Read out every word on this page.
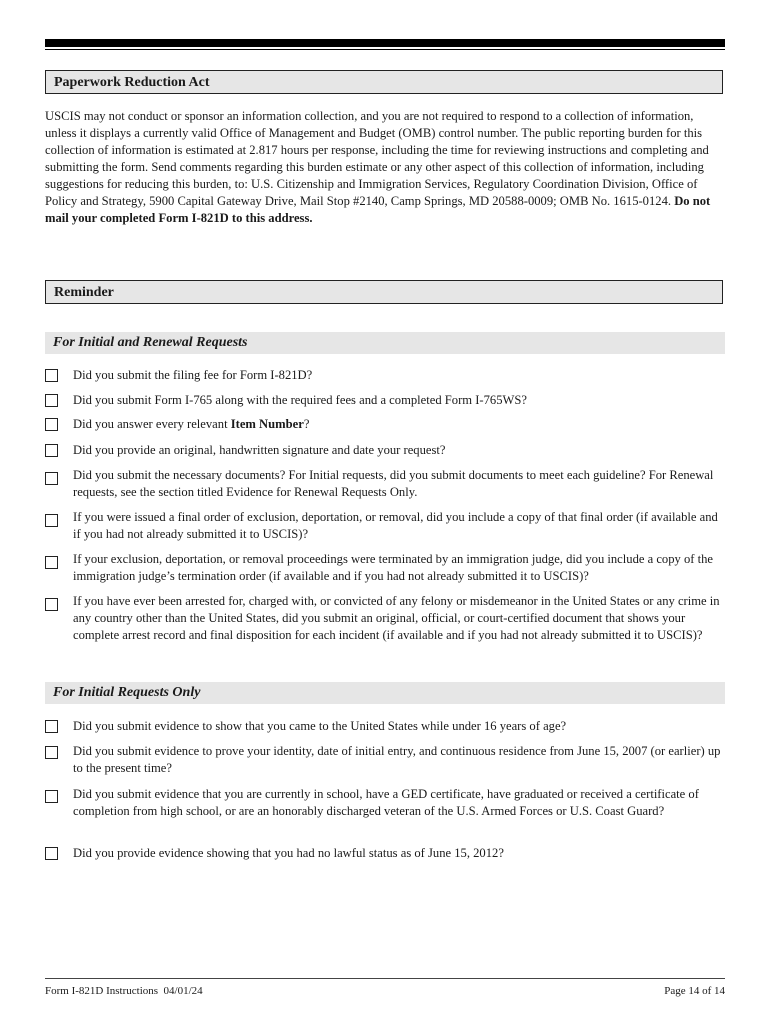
Paperwork Reduction Act
USCIS may not conduct or sponsor an information collection, and you are not required to respond to a collection of information, unless it displays a currently valid Office of Management and Budget (OMB) control number. The public reporting burden for this collection of information is estimated at 2.817 hours per response, including the time for reviewing instructions and completing and submitting the form. Send comments regarding this burden estimate or any other aspect of this collection of information, including suggestions for reducing this burden, to: U.S. Citizenship and Immigration Services, Regulatory Coordination Division, Office of Policy and Strategy, 5900 Capital Gateway Drive, Mail Stop #2140, Camp Springs, MD 20588-0009; OMB No. 1615-0124. Do not mail your completed Form I-821D to this address.
Reminder
For Initial and Renewal Requests
Did you submit the filing fee for Form I-821D?
Did you submit Form I-765 along with the required fees and a completed Form I-765WS?
Did you answer every relevant Item Number?
Did you provide an original, handwritten signature and date your request?
Did you submit the necessary documents? For Initial requests, did you submit documents to meet each guideline? For Renewal requests, see the section titled Evidence for Renewal Requests Only.
If you were issued a final order of exclusion, deportation, or removal, did you include a copy of that final order (if available and if you had not already submitted it to USCIS)?
If your exclusion, deportation, or removal proceedings were terminated by an immigration judge, did you include a copy of the immigration judge’s termination order (if available and if you had not already submitted it to USCIS)?
If you have ever been arrested for, charged with, or convicted of any felony or misdemeanor in the United States or any crime in any country other than the United States, did you submit an original, official, or court-certified document that shows your complete arrest record and final disposition for each incident (if available and if you had not already submitted it to USCIS)?
For Initial Requests Only
Did you submit evidence to show that you came to the United States while under 16 years of age?
Did you submit evidence to prove your identity, date of initial entry, and continuous residence from June 15, 2007 (or earlier) up to the present time?
Did you submit evidence that you are currently in school, have a GED certificate, have graduated or received a certificate of completion from high school, or are an honorably discharged veteran of the U.S. Armed Forces or U.S. Coast Guard?
Did you provide evidence showing that you had no lawful status as of June 15, 2012?
Form I-821D Instructions  04/01/24	Page 14 of 14
